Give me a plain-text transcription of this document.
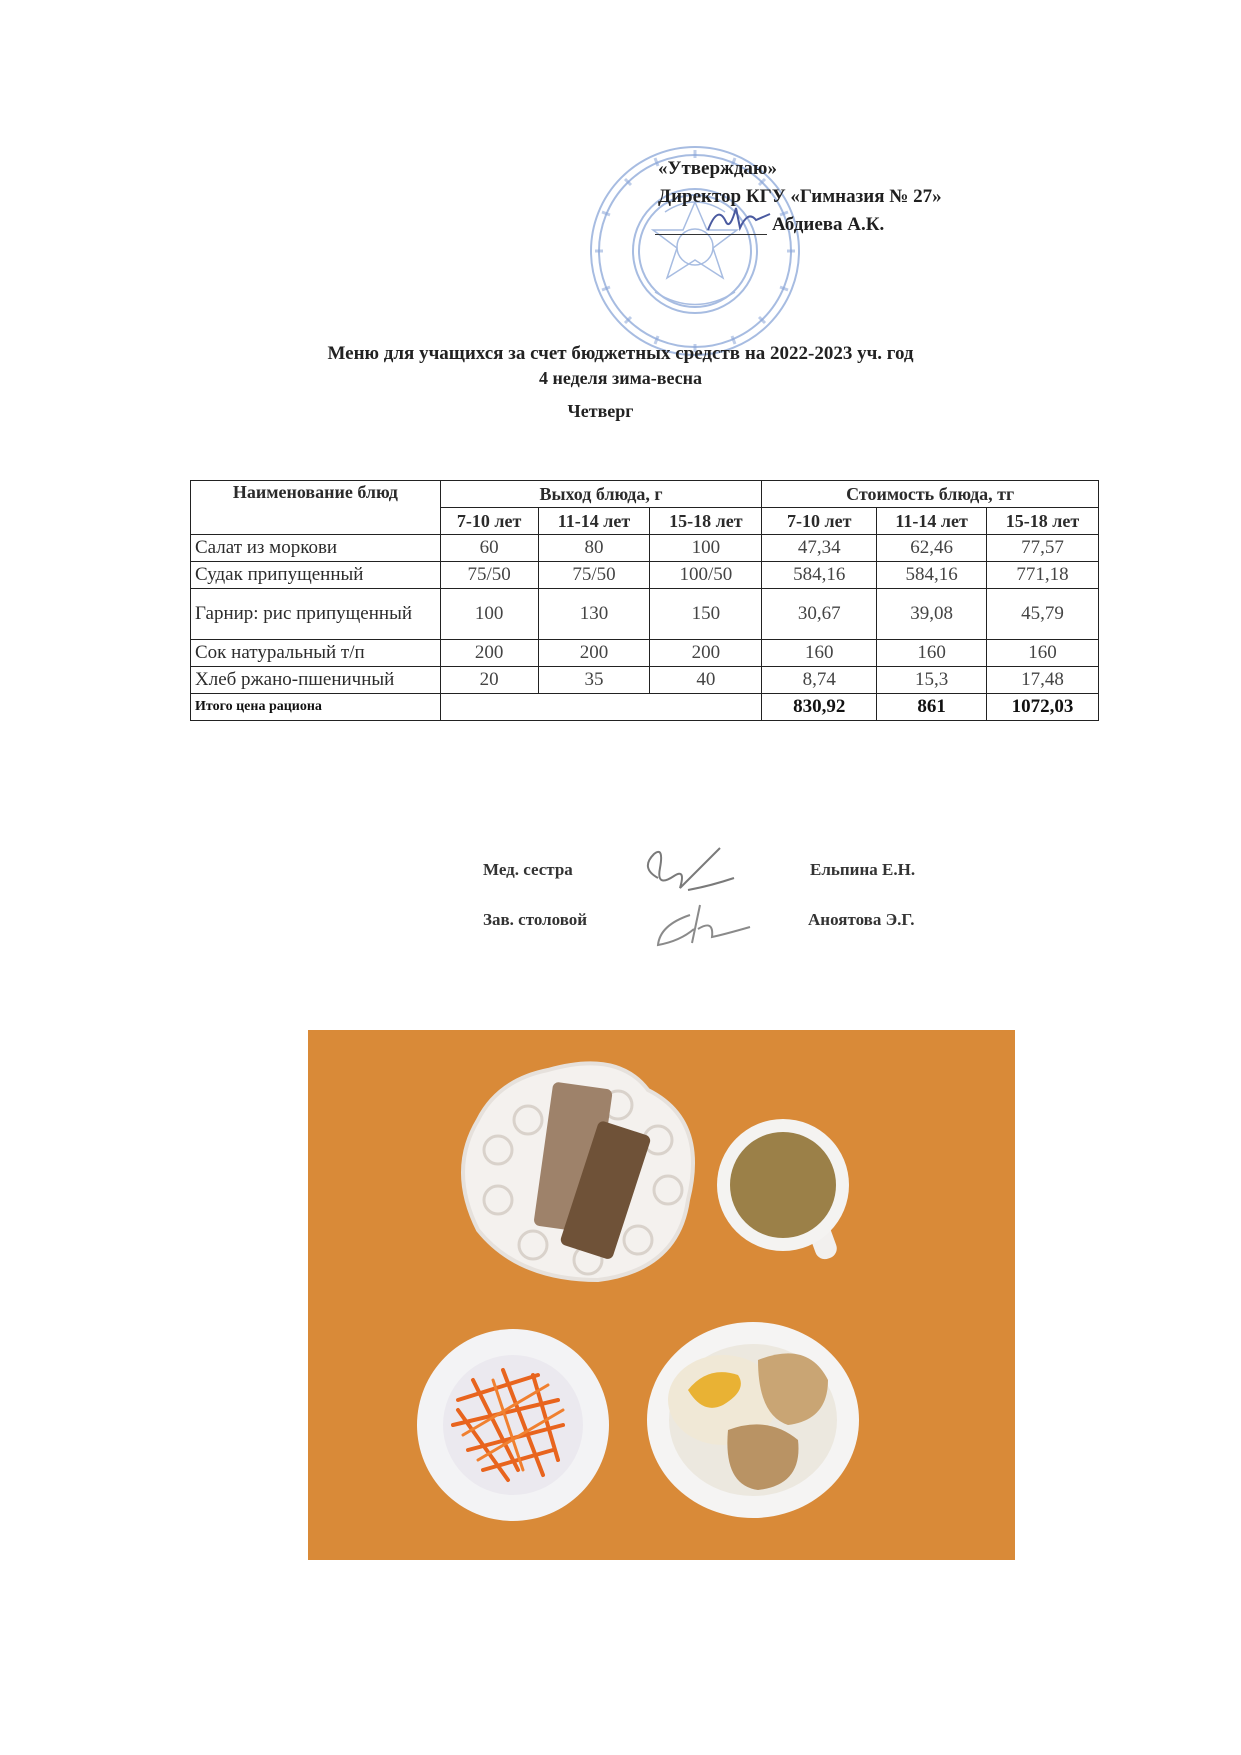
«Утверждаю»
Директор КГУ «Гимназия № 27»
Абдиева А.К.
Меню для учащихся за счет бюджетных средств на 2022-2023 уч. год
4 неделя зима-весна
Четверг
Наименование блюд	Выход блюда, г			Стоимость блюда, тг		
	7-10 лет	11-14 лет	15-18 лет	7-10 лет	11-14 лет	15-18 лет
Салат из моркови	60	80	100	47,34	62,46	77,57
Судак припущенный	75/50	75/50	100/50	584,16	584,16	771,18
Гарнир: рис припущенный	100	130	150	30,67	39,08	45,79
Сок натуральный т/п	200	200	200	160	160	160
Хлеб ржано-пшеничный	20	35	40	8,74	15,3	17,48
Итого цена рациона				830,92	861	1072,03
Мед. сестра	Ельпина Е.Н.
Зав. столовой	Аноятова Э.Г.
